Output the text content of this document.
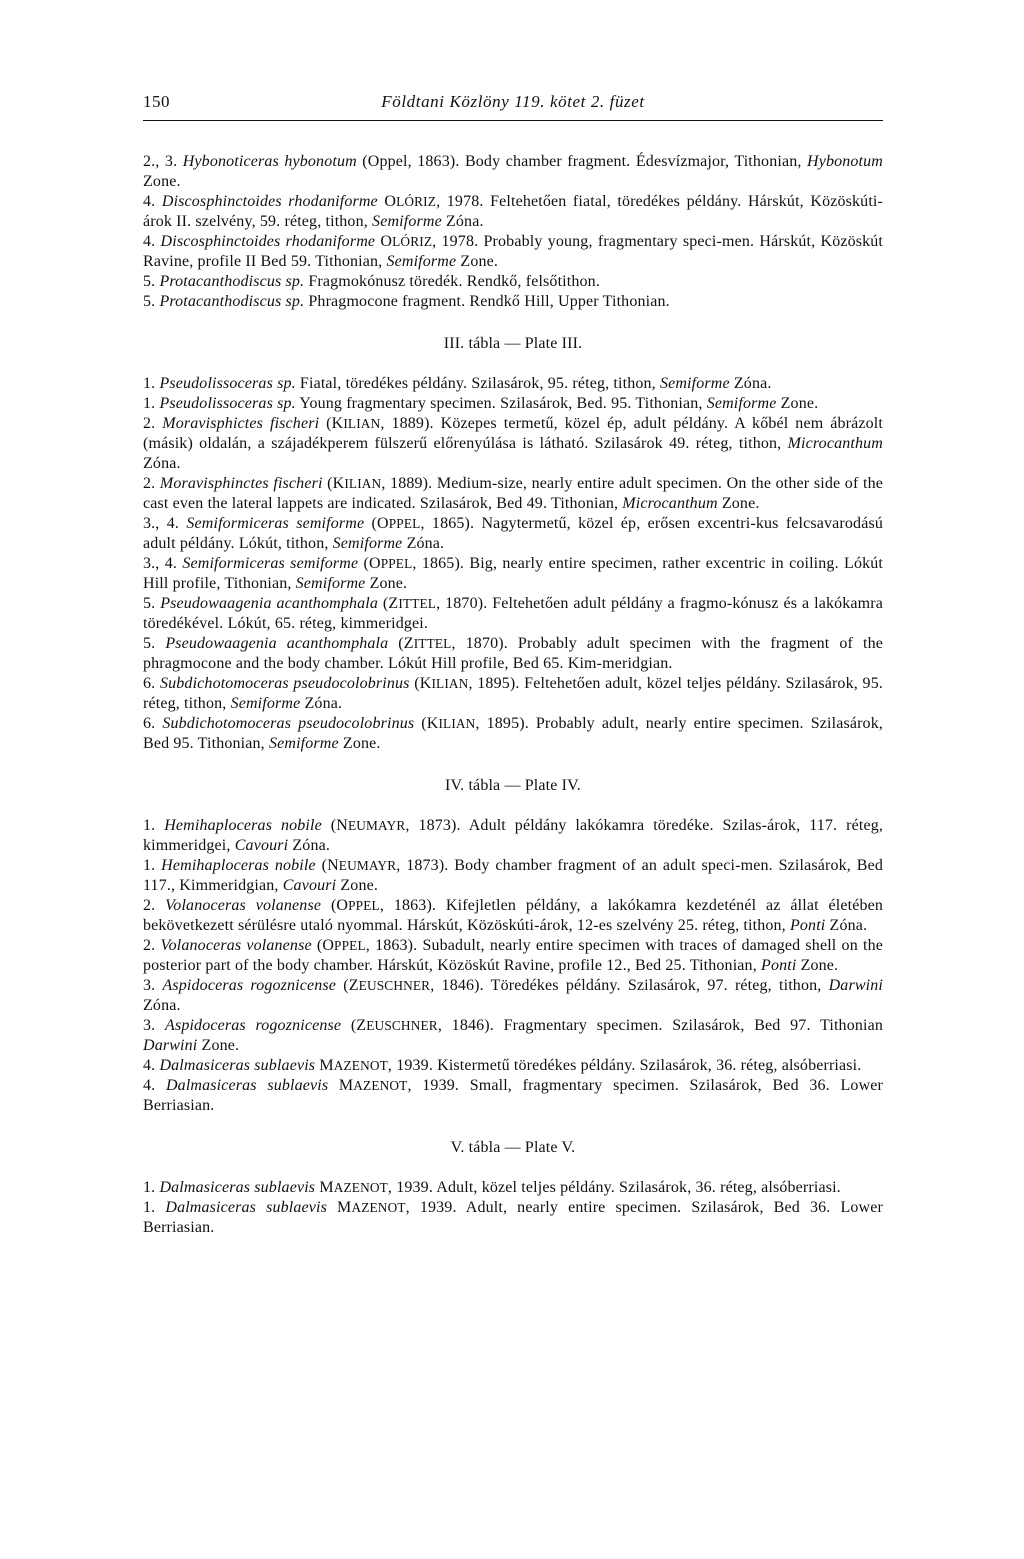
150	Földtani Közlöny 119. kötet 2. füzet

2., 3. Hybonoticeras hybonotum (Oppel, 1863). Body chamber fragment. Édesvízmajor, Tithonian, Hybonotum Zone.

4. Discosphinctoides rhodaniforme OLÓRIZ, 1978. Feltehetően fiatal, töredékes példány. Hárskút, Közöskúti-árok II. szelvény, 59. réteg, tithon, Semiforme Zóna.

4. Discosphinctoides rhodaniforme OLÓRIZ, 1978. Probably young, fragmentary speci-men. Hárskút, Közöskút Ravine, profile II Bed 59. Tithonian, Semiforme Zone.

5. Protacanthodiscus sp. Fragmokónusz töredék. Rendkő, felsőtithon.

5. Protacanthodiscus sp. Phragmocone fragment. Rendkő Hill, Upper Tithonian.

III. tábla — Plate III.

1. Pseudolissoceras sp. Fiatal, töredékes példány. Szilasárok, 95. réteg, tithon, Semiforme Zóna.

1. Pseudolissoceras sp. Young fragmentary specimen. Szilasárok, Bed. 95. Tithonian, Semiforme Zone.

2. Moravisphictes fischeri (KILIAN, 1889). Közepes termetű, közel ép, adult példány. A kőbél nem ábrázolt (másik) oldalán, a szájadékperem fülszerű előrenyúlása is látható. Szilasárok 49. réteg, tithon, Microcanthum Zóna.

2. Moravisphinctes fischeri (KILIAN, 1889). Medium-size, nearly entire adult specimen. On the other side of the cast even the lateral lappets are indicated. Szilasárok, Bed 49. Tithonian, Microcanthum Zone.

3., 4. Semiformiceras semiforme (OPPEL, 1865). Nagytermetű, közel ép, erősen excentri-kus felcsavarodású adult példány. Lókút, tithon, Semiforme Zóna.

3., 4. Semiformiceras semiforme (OPPEL, 1865). Big, nearly entire specimen, rather excentric in coiling. Lókút Hill profile, Tithonian, Semiforme Zone.

5. Pseudowaagenia acanthomphala (ZITTEL, 1870). Feltehetően adult példány a fragmo-kónusz és a lakókamra töredékével. Lókút, 65. réteg, kimmeridgei.

5. Pseudowaagenia acanthomphala (ZITTEL, 1870). Probably adult specimen with the fragment of the phragmocone and the body chamber. Lókút Hill profile, Bed 65. Kim-meridgian.

6. Subdichotomoceras pseudocolobrinus (KILIAN, 1895). Feltehetően adult, közel teljes példány. Szilasárok, 95. réteg, tithon, Semiforme Zóna.

6. Subdichotomoceras pseudocolobrinus (KILIAN, 1895). Probably adult, nearly entire specimen. Szilasárok, Bed 95. Tithonian, Semiforme Zone.

IV. tábla — Plate IV.

1. Hemihaploceras nobile (NEUMAYR, 1873). Adult példány lakókamra töredéke. Szilas-árok, 117. réteg, kimmeridgei, Cavouri Zóna.

1. Hemihaploceras nobile (NEUMAYR, 1873). Body chamber fragment of an adult speci-men. Szilasárok, Bed 117., Kimmeridgian, Cavouri Zone.

2. Volanoceras volanense (OPPEL, 1863). Kifejletlen példány, a lakókamra kezdeténél az állat életében bekövetkezett sérülésre utaló nyommal. Hárskút, Közöskúti-árok, 12-es szelvény 25. réteg, tithon, Ponti Zóna.

2. Volanoceras volanense (OPPEL, 1863). Subadult, nearly entire specimen with traces of damaged shell on the posterior part of the body chamber. Hárskút, Közöskút Ravine, profile 12., Bed 25. Tithonian, Ponti Zone.

3. Aspidoceras rogoznicense (ZEUSCHNER, 1846). Töredékes példány. Szilasárok, 97. réteg, tithon, Darwini Zóna.

3. Aspidoceras rogoznicense (ZEUSCHNER, 1846). Fragmentary specimen. Szilasárok, Bed 97. Tithonian Darwini Zone.

4. Dalmasiceras sublaevis MAZENOT, 1939. Kistermetű töredékes példány. Szilasárok, 36. réteg, alsóberriasi.

4. Dalmasiceras sublaevis MAZENOT, 1939. Small, fragmentary specimen. Szilasárok, Bed 36. Lower Berriasian.

V. tábla — Plate V.

1. Dalmasiceras sublaevis MAZENOT, 1939. Adult, közel teljes példány. Szilasárok, 36. réteg, alsóberriasi.

1. Dalmasiceras sublaevis MAZENOT, 1939. Adult, nearly entire specimen. Szilasárok, Bed 36. Lower Berriasian.
